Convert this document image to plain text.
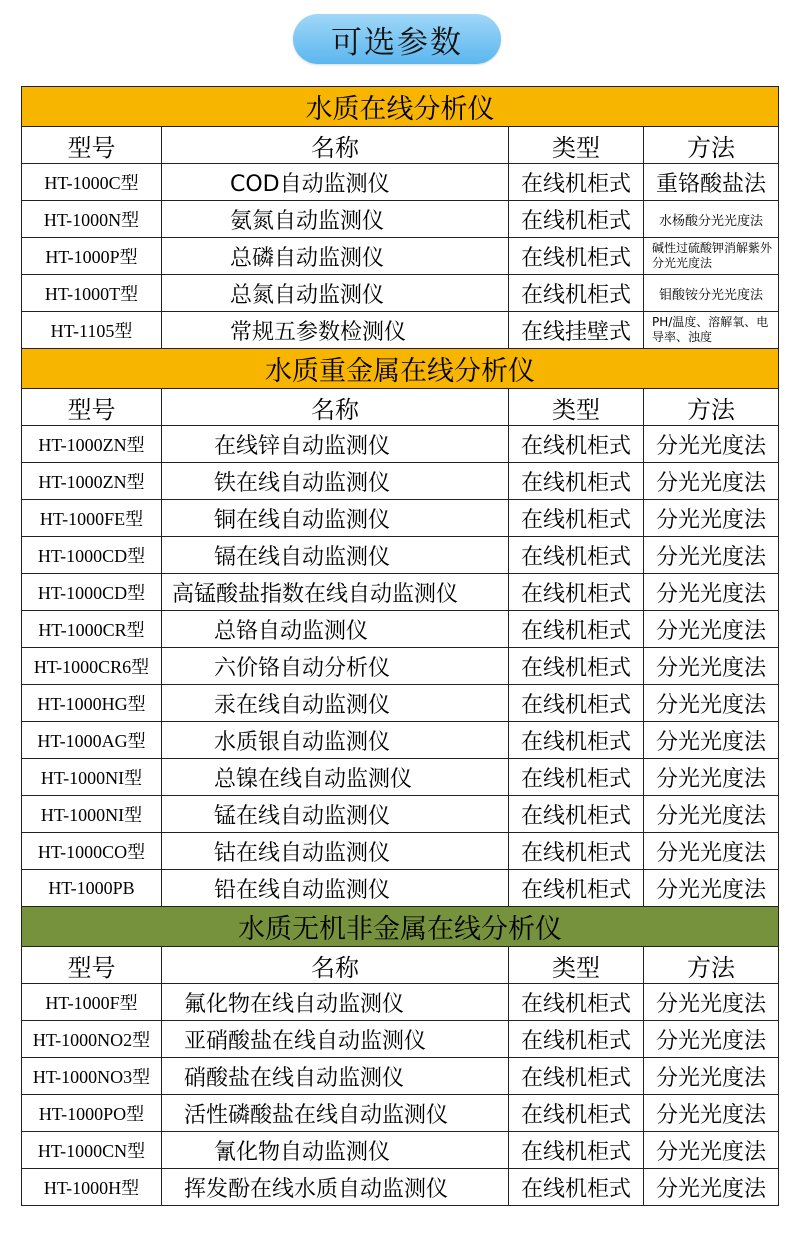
可选参数
水质在线分析仪			
型号	名称	类型	方法
HT-1000C型	COD自动监测仪	在线机柜式	重铬酸盐法
HT-1000N型	氨氮自动监测仪	在线机柜式	水杨酸分光光度法
HT-1000P型	总磷自动监测仪	在线机柜式	碱性过硫酸钾消解紫外分光光度法
HT-1000T型	总氮自动监测仪	在线机柜式	钼酸铵分光光度法
HT-1105型	常规五参数检测仪	在线挂壁式	PH/温度、溶解氧、电导率、浊度
水质重金属在线分析仪			
型号	名称	类型	方法
HT-1000ZN型	在线锌自动监测仪	在线机柜式	分光光度法
HT-1000ZN型	铁在线自动监测仪	在线机柜式	分光光度法
HT-1000FE型	铜在线自动监测仪	在线机柜式	分光光度法
HT-1000CD型	镉在线自动监测仪	在线机柜式	分光光度法
HT-1000CD型	高锰酸盐指数在线自动监测仪	在线机柜式	分光光度法
HT-1000CR型	总铬自动监测仪	在线机柜式	分光光度法
HT-1000CR6型	六价铬自动分析仪	在线机柜式	分光光度法
HT-1000HG型	汞在线自动监测仪	在线机柜式	分光光度法
HT-1000AG型	水质银自动监测仪	在线机柜式	分光光度法
HT-1000NI型	总镍在线自动监测仪	在线机柜式	分光光度法
HT-1000NI型	锰在线自动监测仪	在线机柜式	分光光度法
HT-1000CO型	钴在线自动监测仪	在线机柜式	分光光度法
HT-1000PB	铅在线自动监测仪	在线机柜式	分光光度法
水质无机非金属在线分析仪			
型号	名称	类型	方法
HT-1000F型	氟化物在线自动监测仪	在线机柜式	分光光度法
HT-1000NO2型	亚硝酸盐在线自动监测仪	在线机柜式	分光光度法
HT-1000NO3型	硝酸盐在线自动监测仪	在线机柜式	分光光度法
HT-1000PO型	活性磷酸盐在线自动监测仪	在线机柜式	分光光度法
HT-1000CN型	氰化物自动监测仪	在线机柜式	分光光度法
HT-1000H型	挥发酚在线水质自动监测仪	在线机柜式	分光光度法
